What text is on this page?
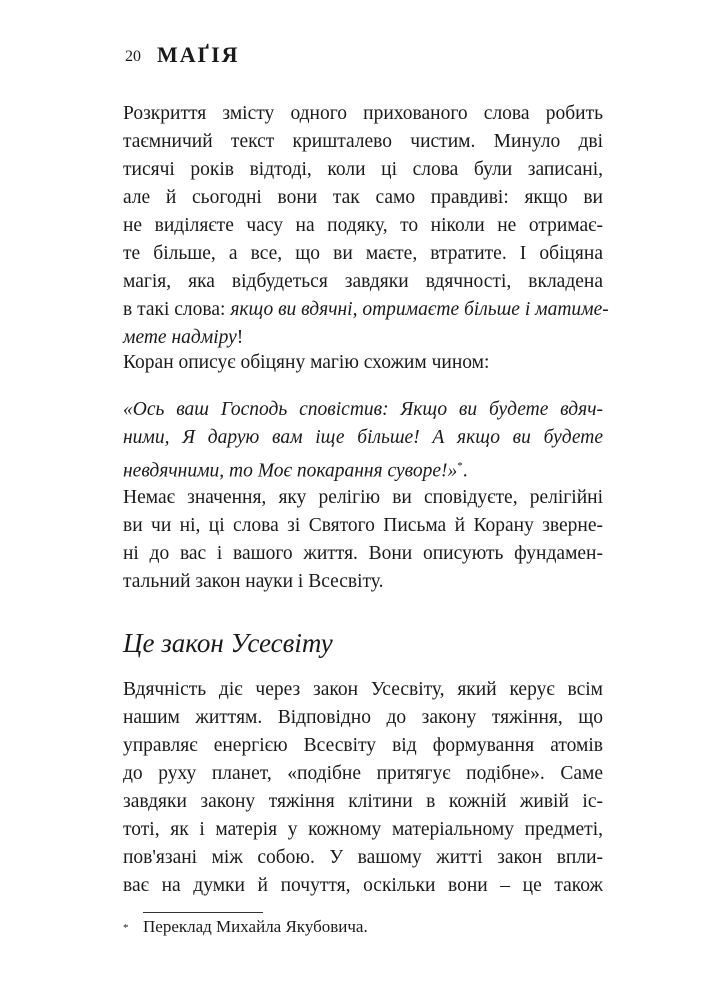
20 МАҐІЯ
Розкриття змісту одного прихованого слова робить
таємничий текст кришталево чистим. Минуло дві
тисячі років відтоді, коли ці слова були записані,
але й сьогодні вони так само правдиві: якщо ви
не виділяєте часу на подяку, то ніколи не отримає-
те більше, а все, що ви маєте, втратите. І обіцяна
магія, яка відбудеться завдяки вдячності, вкладена
в такі слова: якщо ви вдячні, отримаєте більше і матиме-
мете надміру!
Коран описує обіцяну магію схожим чином:
«Ось ваш Господь сповістив: Якщо ви будете вдяч-
ними, Я дарую вам іще більше! А якщо ви будете
невдячними, то Моє покарання суворе!»*.
Немає значення, яку релігію ви сповідуєте, релігійні
ви чи ні, ці слова зі Святого Письма й Корану зверне-
ні до вас і вашого життя. Вони описують фундамен-
тальний закон науки і Всесвіту.
Це закон Усесвіту
Вдячність діє через закон Усесвіту, який керує всім
нашим життям. Відповідно до закону тяжіння, що
управляє енергією Всесвіту від формування атомів
до руху планет, «подібне притягує подібне». Саме
завдяки закону тяжіння клітини в кожній живій іс-
тоті, як і матерія у кожному матеріальному предметі,
пов'язані між собою. У вашому житті закон впли-
ває на думки й почуття, оскільки вони – це також
* Переклад Михайла Якубовича.
